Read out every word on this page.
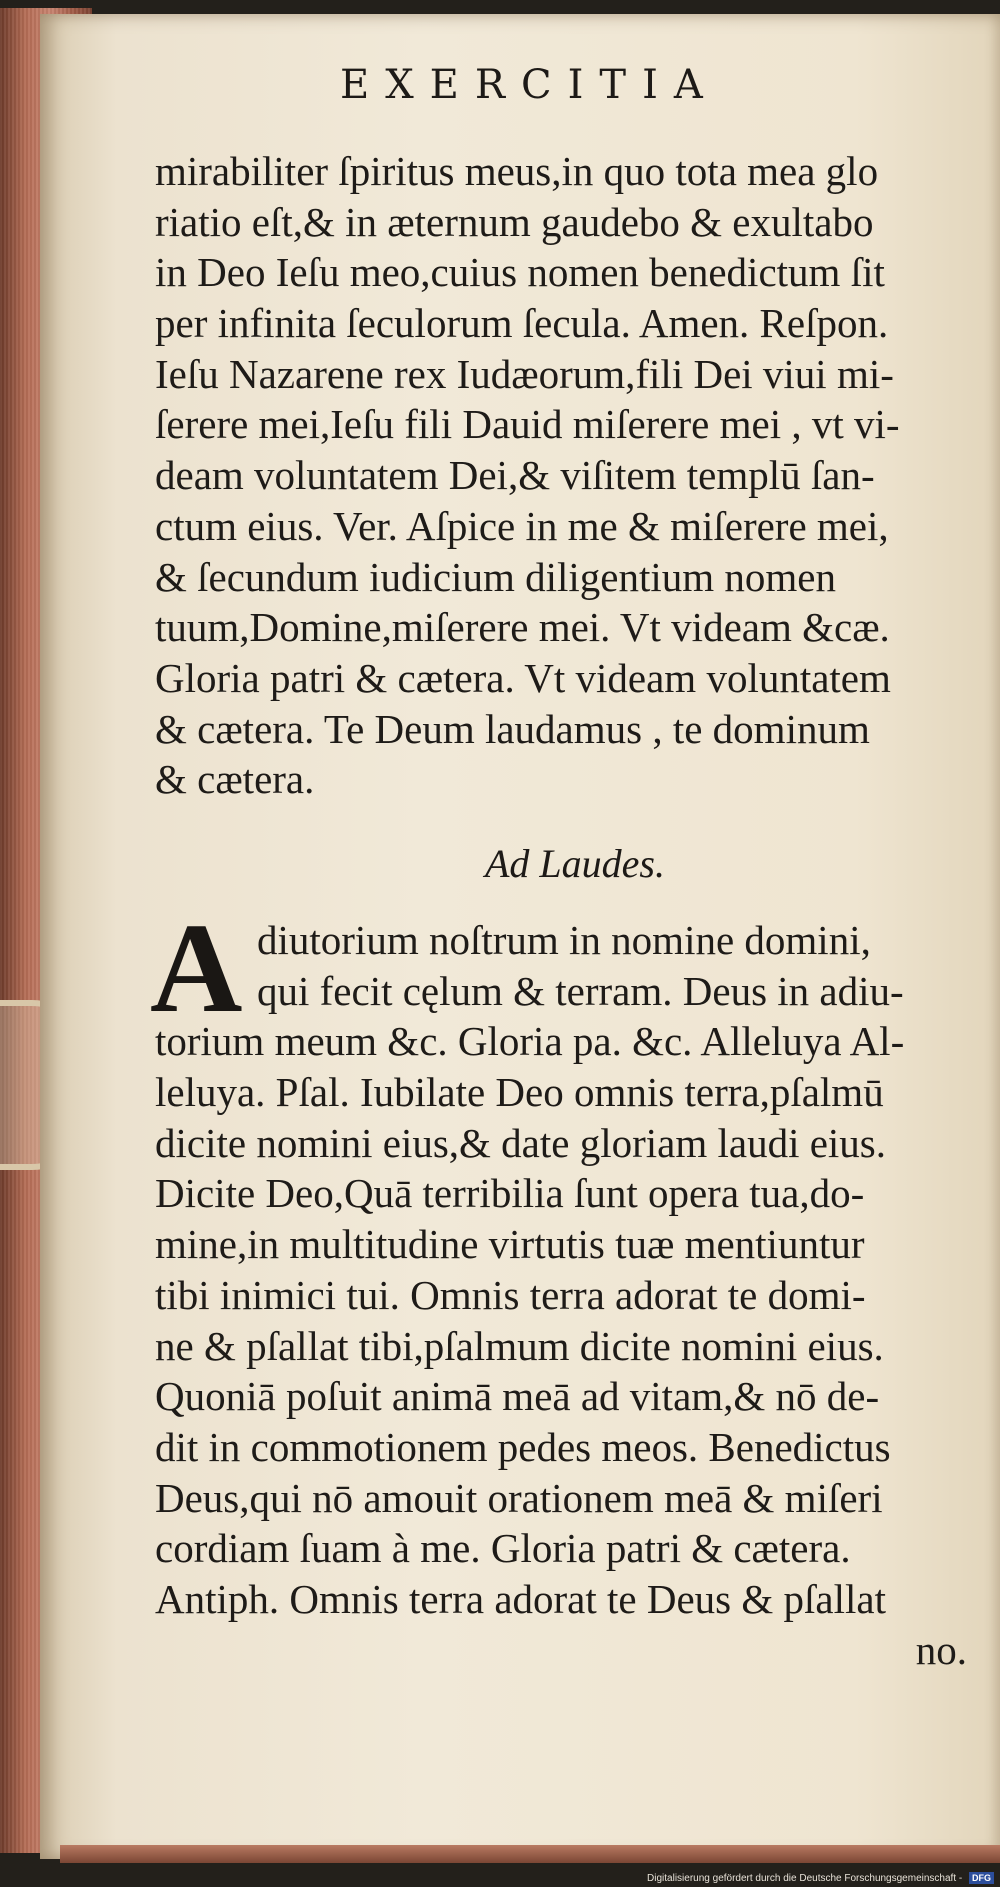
EXERCITIA
mirabiliter ſpiritus meus,in quo tota mea glo
riatio eſt,& in æternum gaudebo & exultabo
in Deo Ieſu meo,cuius nomen benedictum ſit
per infinita ſeculorum ſecula. Amen. Reſpon.
Ieſu Nazarene rex Iudæorum,fili Dei viui mi-
ſerere mei,Ieſu fili Dauid miſerere mei , vt vi-
deam voluntatem Dei,& viſitem templū ſan-
ctum eius. Ver. Aſpice in me & miſerere mei,
& ſecundum iudicium diligentium nomen
tuum,Domine,miſerere mei. Vt videam &cæ.
Gloria patri & cætera. Vt videam voluntatem
& cætera. Te Deum laudamus , te dominum
& cætera.
Ad Laudes.
A diutorium noſtrum in nomine domini,
qui fecit cęlum & terram. Deus in adiu-
torium meum &c. Gloria pa. &c. Alleluya Al-
leluya. Pſal. Iubilate Deo omnis terra,pſalmū
dicite nomini eius,& date gloriam laudi eius.
Dicite Deo,Quā terribilia ſunt opera tua,do-
mine,in multitudine virtutis tuæ mentiuntur
tibi inimici tui. Omnis terra adorat te domi-
ne & pſallat tibi,pſalmum dicite nomini eius.
Quoniā poſuit animā meā ad vitam,& nō de-
dit in commotionem pedes meos. Benedictus
Deus,qui nō amouit orationem meā & miſeri
cordiam ſuam à me. Gloria patri & cætera.
Antiph. Omnis terra adorat te Deus & pſallat
no.
Digitalisierung gefördert durch die Deutsche Forschungsgemeinschaft - DFG
